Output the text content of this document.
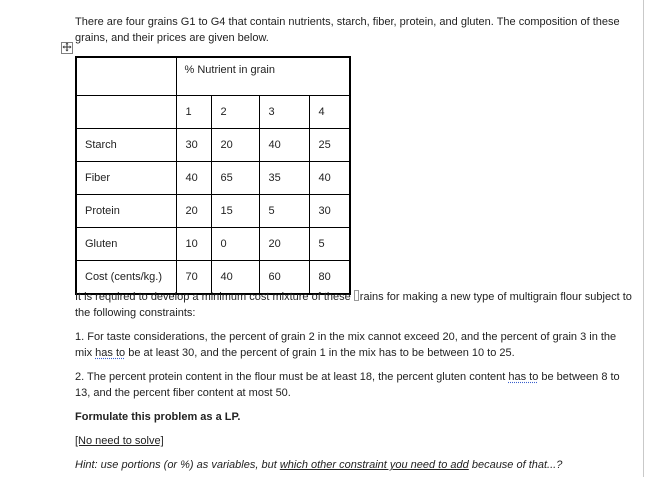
There are four grains G1 to G4 that contain nutrients, starch, fiber, protein, and gluten. The composition of these grains, and their prices are given below.

	% Nutrient in grain			

	1	2	3	4

Starch	30	20	40	25

Fiber	40	65	35	40

Protein	20	15	5	30

Gluten	10	0	20	5

Cost (cents/kg.)	70	40	60	80

It is required to develop a minimum cost mixture of these rains for making a new type of multigrain flour subject to the following constraints:

1. For taste considerations, the percent of grain 2 in the mix cannot exceed 20, and the percent of grain 3 in the mix has to be at least 30, and the percent of grain 1 in the mix has to be between 10 to 25.

2. The percent protein content in the flour must be at least 18, the percent gluten content has to be between 8 to 13, and the percent fiber content at most 50.

Formulate this problem as a LP.

[No need to solve]

Hint: use portions (or %) as variables, but which other constraint you need to add because of that...?
